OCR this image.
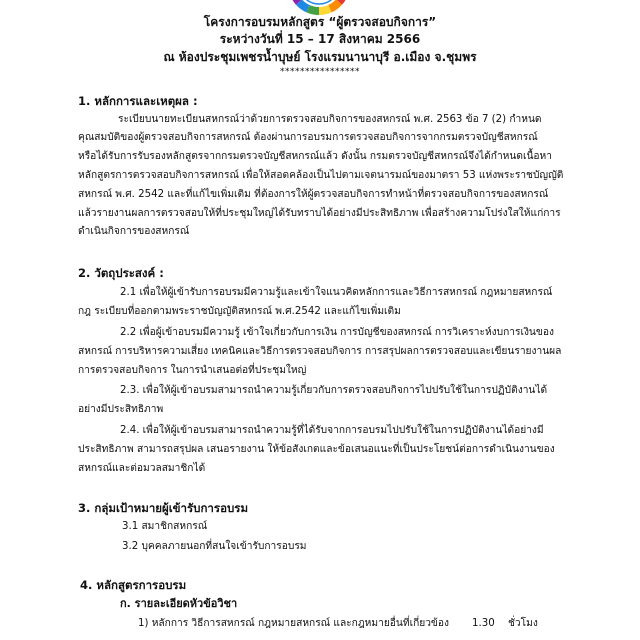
โครงการอบรมหลักสูตร “ผู้ตรวจสอบกิจการ”
ระหว่างวันที่ 15 – 17 สิงหาคม 2566
ณ ห้องประชุมเพชรน้ำบุษย์ โรงแรมนานาบุรี อ.เมือง จ.ชุมพร
****************
1. หลักการและเหตุผล :
ระเบียบนายทะเบียนสหกรณ์ว่าด้วยการตรวจสอบกิจการของสหกรณ์ พ.ศ. 2563 ข้อ 7 (2) กำหนด
คุณสมบัติของผู้ตรวจสอบกิจการสหกรณ์ ต้องผ่านการอบรมการตรวจสอบกิจการจากกรมตรวจบัญชีสหกรณ์
หรือได้รับการรับรองหลักสูตรจากกรมตรวจบัญชีสหกรณ์แล้ว ดังนั้น กรมตรวจบัญชีสหกรณ์จึงได้กำหนดเนื้อหา
หลักสูตรการตรวจสอบกิจการสหกรณ์ เพื่อให้สอดคล้องเป็นไปตามเจตนารมณ์ของมาตรา 53 แห่งพระราชบัญญัติ
สหกรณ์ พ.ศ. 2542 และที่แก้ไขเพิ่มเติม ที่ต้องการให้ผู้ตรวจสอบกิจการทำหน้าที่ตรวจสอบกิจการของสหกรณ์
แล้วรายงานผลการตรวจสอบให้ที่ประชุมใหญ่ได้รับทราบได้อย่างมีประสิทธิภาพ เพื่อสร้างความโปร่งใสให้แก่การ
ดำเนินกิจการของสหกรณ์
2. วัตถุประสงค์ :
2.1 เพื่อให้ผู้เข้ารับการอบรมมีความรู้และเข้าใจแนวคิดหลักการและวิธีการสหกรณ์ กฎหมายสหกรณ์
กฎ ระเบียบที่ออกตามพระราชบัญญัติสหกรณ์ พ.ศ.2542 และแก้ไขเพิ่มเติม
2.2 เพื่อผู้เข้าอบรมมีความรู้ เข้าใจเกี่ยวกับการเงิน การบัญชีของสหกรณ์ การวิเคราะห์งบการเงินของ
สหกรณ์ การบริหารความเสี่ยง เทคนิคและวิธีการตรวจสอบกิจการ การสรุปผลการตรวจสอบและเขียนรายงานผล
การตรวจสอบกิจการ ในการนำเสนอต่อที่ประชุมใหญ่
2.3. เพื่อให้ผู้เข้าอบรมสามารถนำความรู้เกี่ยวกับการตรวจสอบกิจการไปปรับใช้ในการปฏิบัติงานได้
อย่างมีประสิทธิภาพ
2.4. เพื่อให้ผู้เข้าอบรมสามารถนำความรู้ที่ได้รับจากการอบรมไปปรับใช้ในการปฏิบัติงานได้อย่างมี
ประสิทธิภาพ สามารถสรุปผล เสนอรายงาน ให้ข้อสังเกตและข้อเสนอแนะที่เป็นประโยชน์ต่อการดำเนินงานของ
สหกรณ์และต่อมวลสมาชิกได้
3. กลุ่มเป้าหมายผู้เข้ารับการอบรม
3.1 สมาชิกสหกรณ์
3.2 บุคคลภายนอกที่สนใจเข้ารับการอบรม
4. หลักสูตรการอบรม
ก. รายละเอียดหัวข้อวิชา
1) หลักการ วิธีการสหกรณ์ กฎหมายสหกรณ์ และกฎหมายอื่นที่เกี่ยวข้อง 1.30 ชั่วโมง
